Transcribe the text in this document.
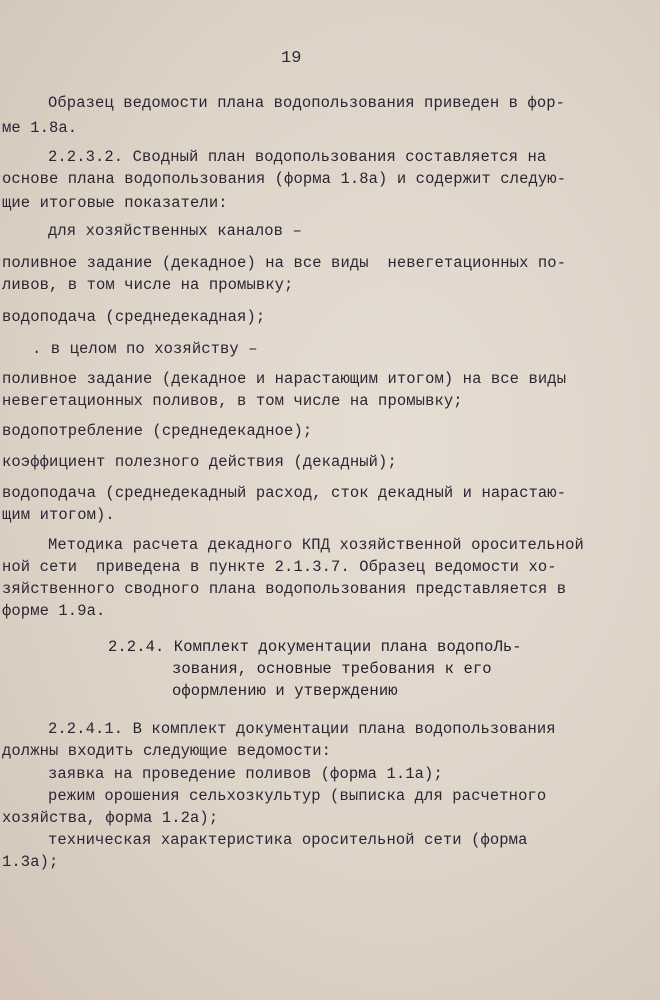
19
Образец ведомости плана водопользования приведен в фор-
ме 1.8а.
2.2.3.2. Сводный план водопользования составляется на
основе плана водопользования (форма 1.8а) и содержит следую-
щие итоговые показатели:
для хозяйственных каналов –
поливное задание (декадное) на все виды  невегетационных по-
ливов, в том числе на промывку;
водоподача (среднедекадная);
. в целом по хозяйству –
поливное задание (декадное и нарастающим итогом) на все виды
невегетационных поливов, в том числе на промывку;
водопотребление (среднедекадное);
коэффициент полезного действия (декадный);
водоподача (среднедекадный расход, сток декадный и нарастаю-
щим итогом).
Методика расчета декадного КПД хозяйственной оросительной
ной сети  приведена в пункте 2.1.3.7. Образец ведомости хо-
зяйственного сводного плана водопользования представляется в
форме 1.9а.
2.2.4. Комплект документации плана водопоЛь-
зования, основные требования к его
оформлению и утверждению
2.2.4.1. В комплект документации плана водопользования
должны входить следующие ведомости:
заявка на проведение поливов (форма 1.1а);
режим орошения сельхозкультур (выписка для расчетного
хозяйства, форма 1.2а);
техническая характеристика оросительной сети (форма
1.3а);
